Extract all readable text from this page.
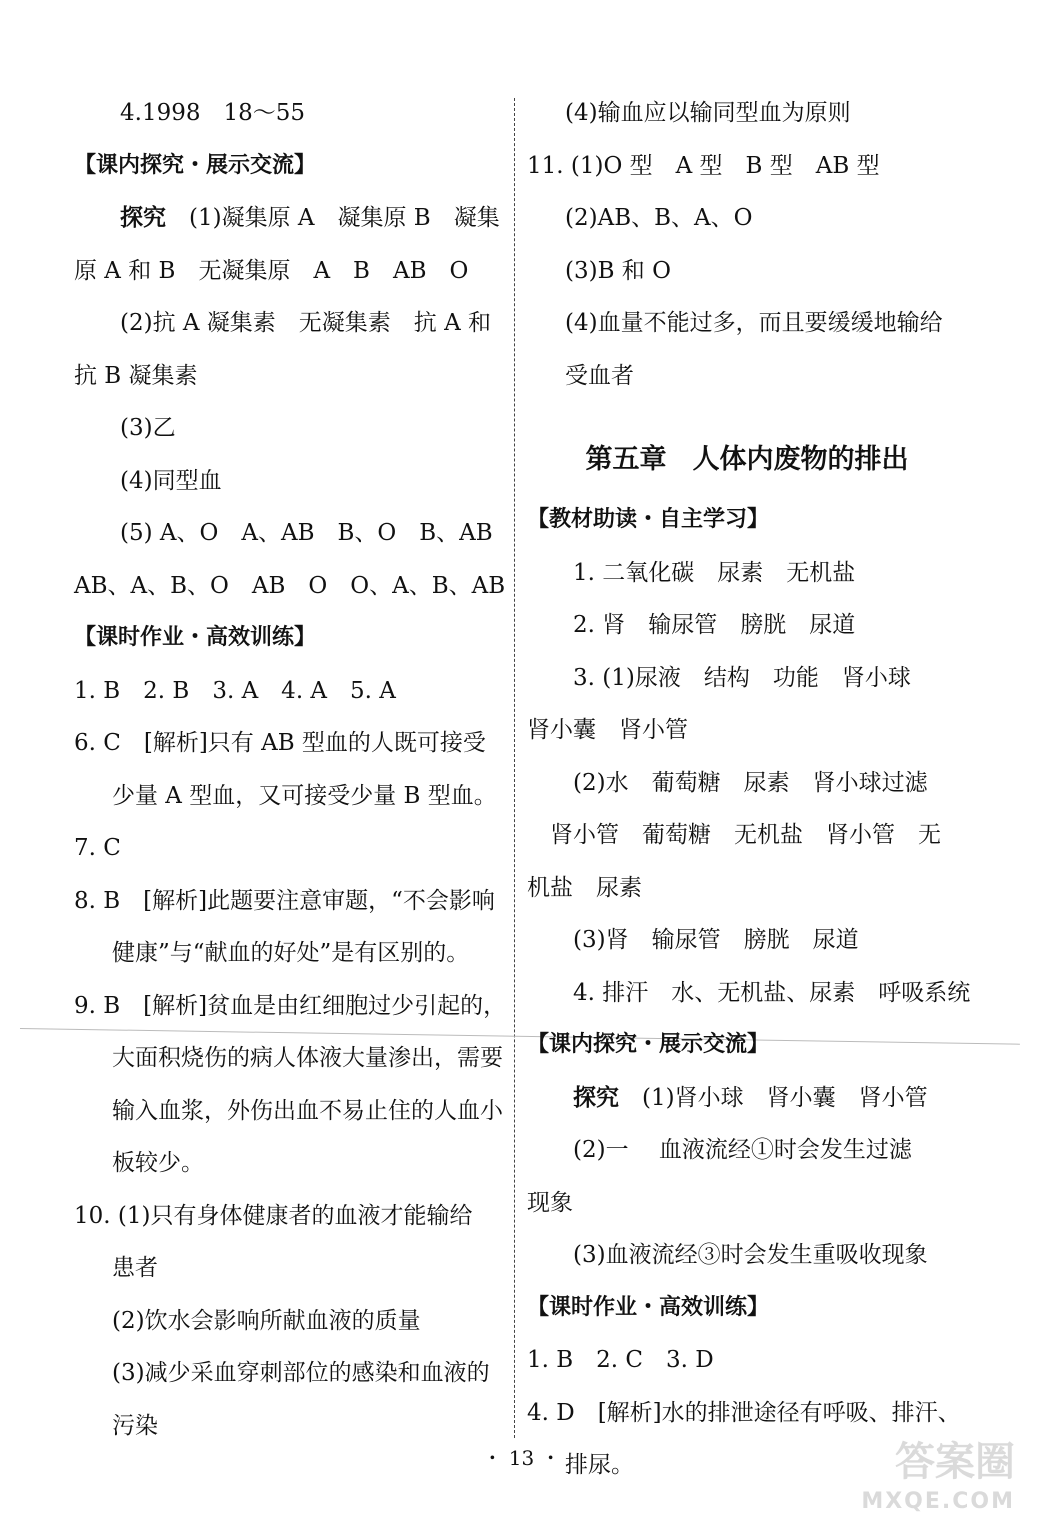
4.1998　18～55
【课内探究・展示交流】
探究　 (1)凝集原 A　凝集原 B　凝集
原 A 和 B　无凝集原　A　B　AB　O
(2)抗 A 凝集素　无凝集素　抗 A 和
抗 B 凝集素
(3)乙
(4)同型血
(5) A、O　A、AB　B、O　B、AB
AB、A、B、O　AB　O　O、A、B、AB
【课时作业・高效训练】
1. B　2. B　3. A　4. A　5. A
6. C　[解析]只有 AB 型血的人既可接受
少量 A 型血，又可接受少量 B 型血。
7. C
8. B　[解析]此题要注意审题，“不会影响
健康”与“献血的好处”是有区别的。
9. B　[解析]贫血是由红细胞过少引起的，
大面积烧伤的病人体液大量渗出，需要
输入血浆，外伤出血不易止住的人血小
板较少。
10. (1)只有身体健康者的血液才能输给
患者
(2)饮水会影响所献血液的质量
(3)减少采血穿刺部位的感染和血液的
污染
(4)输血应以输同型血为原则
11. (1)O 型　A 型　B 型　AB 型
(2)AB、B、A、O
(3)B 和 O
(4)血量不能过多，而且要缓缓地输给
受血者
第五章 人体内废物的排出
【教材助读・自主学习】
1. 二氧化碳　尿素　无机盐
2. 肾　输尿管　膀胱　尿道
3. (1)尿液　结构　功能　肾小球
肾小囊　肾小管
(2)水　葡萄糖　尿素　肾小球过滤
　肾小管　葡萄糖　无机盐　肾小管　无
机盐　尿素
(3)肾　输尿管　膀胱　尿道
4. 排汗　水、无机盐、尿素　呼吸系统
【课内探究・展示交流】
探究　 (1)肾小球　肾小囊　肾小管
(2)一　 血液流经①时会发生过滤
现象
(3)血液流经③时会发生重吸收现象
【课时作业・高效训练】
1. B　2. C　3. D
4. D　[解析]水的排泄途径有呼吸、排汗、
排尿。
・ 13 ・	答案圈
MXQE.COM
